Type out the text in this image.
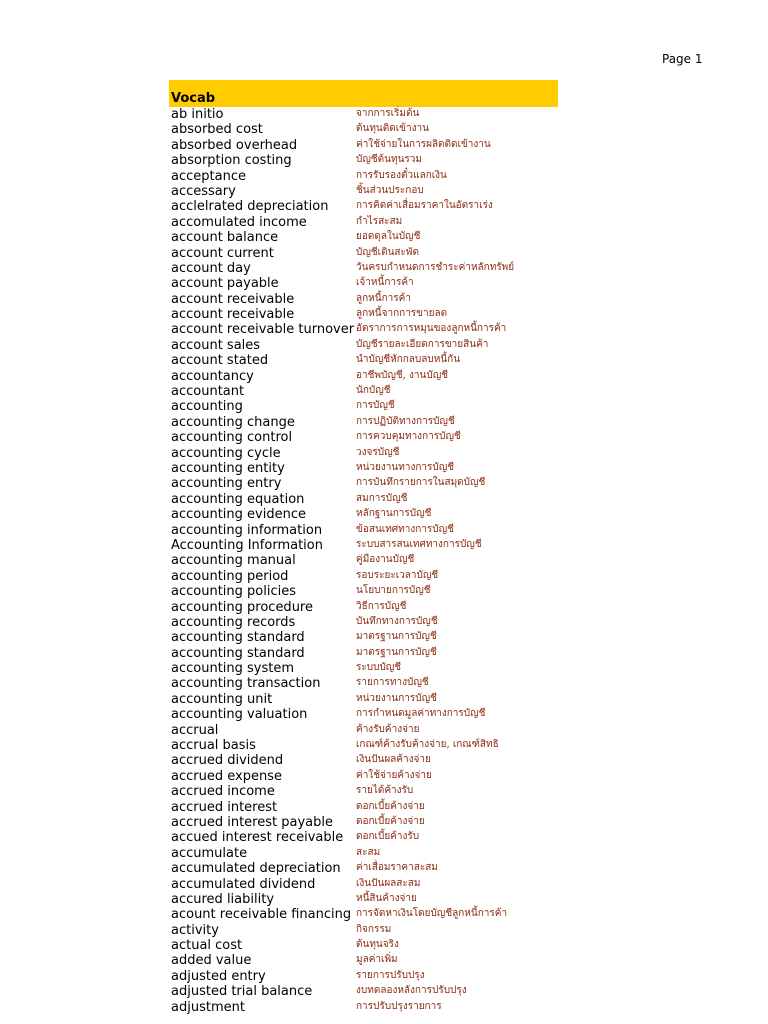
Page 1
Vocab
ab initio	จากการเริ่มต้น
absorbed cost	ต้นทุนติดเข้างาน
absorbed overhead	ค่าใช้จ่ายในการผลิตติดเข้างาน
absorption costing	บัญชีต้นทุนรวม
acceptance	การรับรองตั๋วแลกเงิน
accessary	ชิ้นส่วนประกอบ
acclelrated depreciation	การคิดค่าเสื่อมราคาในอัตราเร่ง
accomulated income	กำไรสะสม
account balance	ยอดดุลในบัญชี
account current	บัญชีเดินสะพัด
account day	วันครบกำหนดการชำระค่าหลักทรัพย์
account payable	เจ้าหนี้การค้า
account receivable	ลูกหนี้การค้า
account receivable	ลูกหนี้จากการขายลด
account receivable turnover อัตราการการหมุนของลูกหนี้การค้า
account sales	บัญชีรายละเอียดการขายสินค้า
account stated	นำบัญชีหักกลบลบหนี้กัน
accountancy	อาชีพบัญชี, งานบัญชี
accountant	นักบัญชี
accounting	การบัญชี
accounting change	การปฏิบัติทางการบัญชี
accounting control	การควบคุมทางการบัญชี
accounting cycle	วงจรบัญชี
accounting entity	หน่วยงานทางการบัญชี
accounting entry	การบันทึกรายการในสมุดบัญชี
accounting equation	สมการบัญชี
accounting evidence	หลักฐานการบัญชี
accounting information	ข้อสนเทศทางการบัญชี
Accounting Information	ระบบสารสนเทศทางการบัญชี
accounting manual	คู่มืองานบัญชี
accounting period	รอบระยะเวลาบัญชี
accounting policies	นโยบายการบัญชี
accounting procedure	วิธีการบัญชี
accounting records	บันทึกทางการบัญชี
accounting standard	มาตรฐานการบัญชี
accounting standard	มาตรฐานการบัญชี
accounting system	ระบบบัญชี
accounting transaction	รายการทางบัญชี
accounting unit	หน่วยงานการบัญชี
accounting valuation	การกำหนดมูลค่าทางการบัญชี
accrual	ค้างรับค้างจ่าย
accrual basis	เกณฑ์ค้างรับค้างจ่าย, เกณฑ์สิทธิ
accrued dividend	เงินปันผลค้างจ่าย
accrued expense	ค่าใช้จ่ายค้างจ่าย
accrued income	รายได้ค้างรับ
accrued interest	ดอกเบี้ยค้างจ่าย
accrued interest payable ดอกเบี้ยค้างจ่าย
accued interest receivable ดอกเบี้ยค้างรับ
accumulate	สะสม
accumulated depreciation ค่าเสื่อมราคาสะสม
accumulated dividend	เงินปันผลสะสม
accured liability	หนี้สินค้างจ่าย
acount receivable financing การจัดหาเงินโดยบัญชีลูกหนี้การค้า
activity	กิจกรรม
actual cost	ต้นทุนจริง
added value	มูลค่าเพิ่ม
adjusted entry	รายการปรับปรุง
adjusted trial balance	งบทดลองหลังการปรับปรุง
adjustment	การปรับปรุงรายการ
